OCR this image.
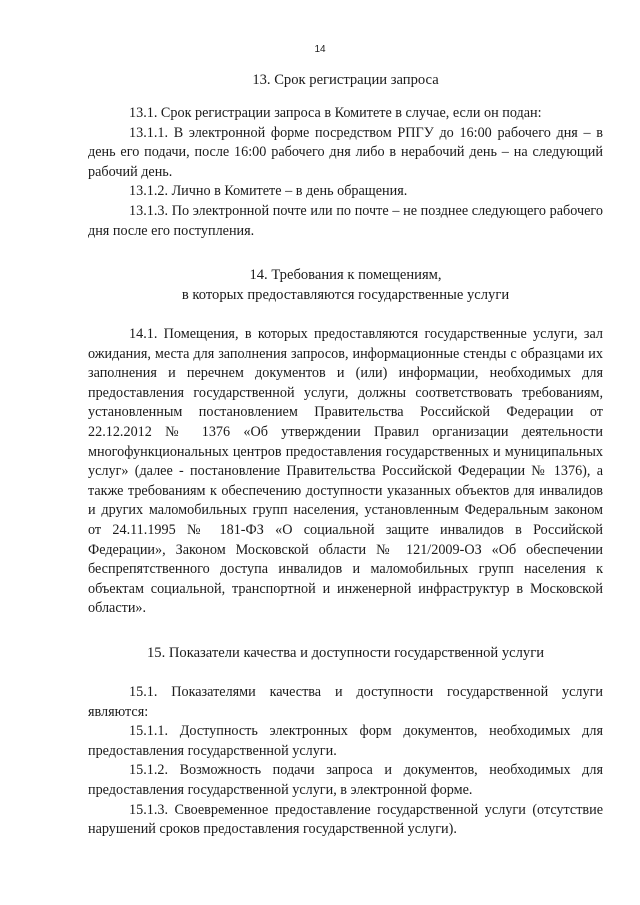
14
13. Срок регистрации запроса

13.1. Срок регистрации запроса в Комитете в случае, если он подан:

13.1.1. В электронной форме посредством РПГУ до 16:00 рабочего дня – в день его подачи, после 16:00 рабочего дня либо в нерабочий день – на следующий рабочий день.

13.1.2. Лично в Комитете – в день обращения.

13.1.3. По электронной почте или по почте – не позднее следующего рабочего дня после его поступления.

14. Требования к помещениям,
в которых предоставляются государственные услуги

14.1. Помещения, в которых предоставляются государственные услуги, зал ожидания, места для заполнения запросов, информационные стенды с образцами их заполнения и перечнем документов и (или) информации, необходимых для предоставления государственной услуги, должны соответствовать требованиям, установленным постановлением Правительства Российской Федерации от 22.12.2012 № 1376 «Об утверждении Правил организации деятельности многофункциональных центров предоставления государственных и муниципальных услуг» (далее - постановление Правительства Российской Федерации № 1376), а также требованиям к обеспечению доступности указанных объектов для инвалидов и других маломобильных групп населения, установленным Федеральным законом от 24.11.1995 № 181-ФЗ «О социальной защите инвалидов в Российской Федерации», Законом Московской области № 121/2009-ОЗ «Об обеспечении беспрепятственного доступа инвалидов и маломобильных групп населения к объектам социальной, транспортной и инженерной инфраструктур в Московской области».

15. Показатели качества и доступности государственной услуги

15.1. Показателями качества и доступности государственной услуги являются:

15.1.1. Доступность электронных форм документов, необходимых для предоставления государственной услуги.

15.1.2. Возможность подачи запроса и документов, необходимых для предоставления государственной услуги, в электронной форме.

15.1.3. Своевременное предоставление государственной услуги (отсутствие нарушений сроков предоставления государственной услуги).
